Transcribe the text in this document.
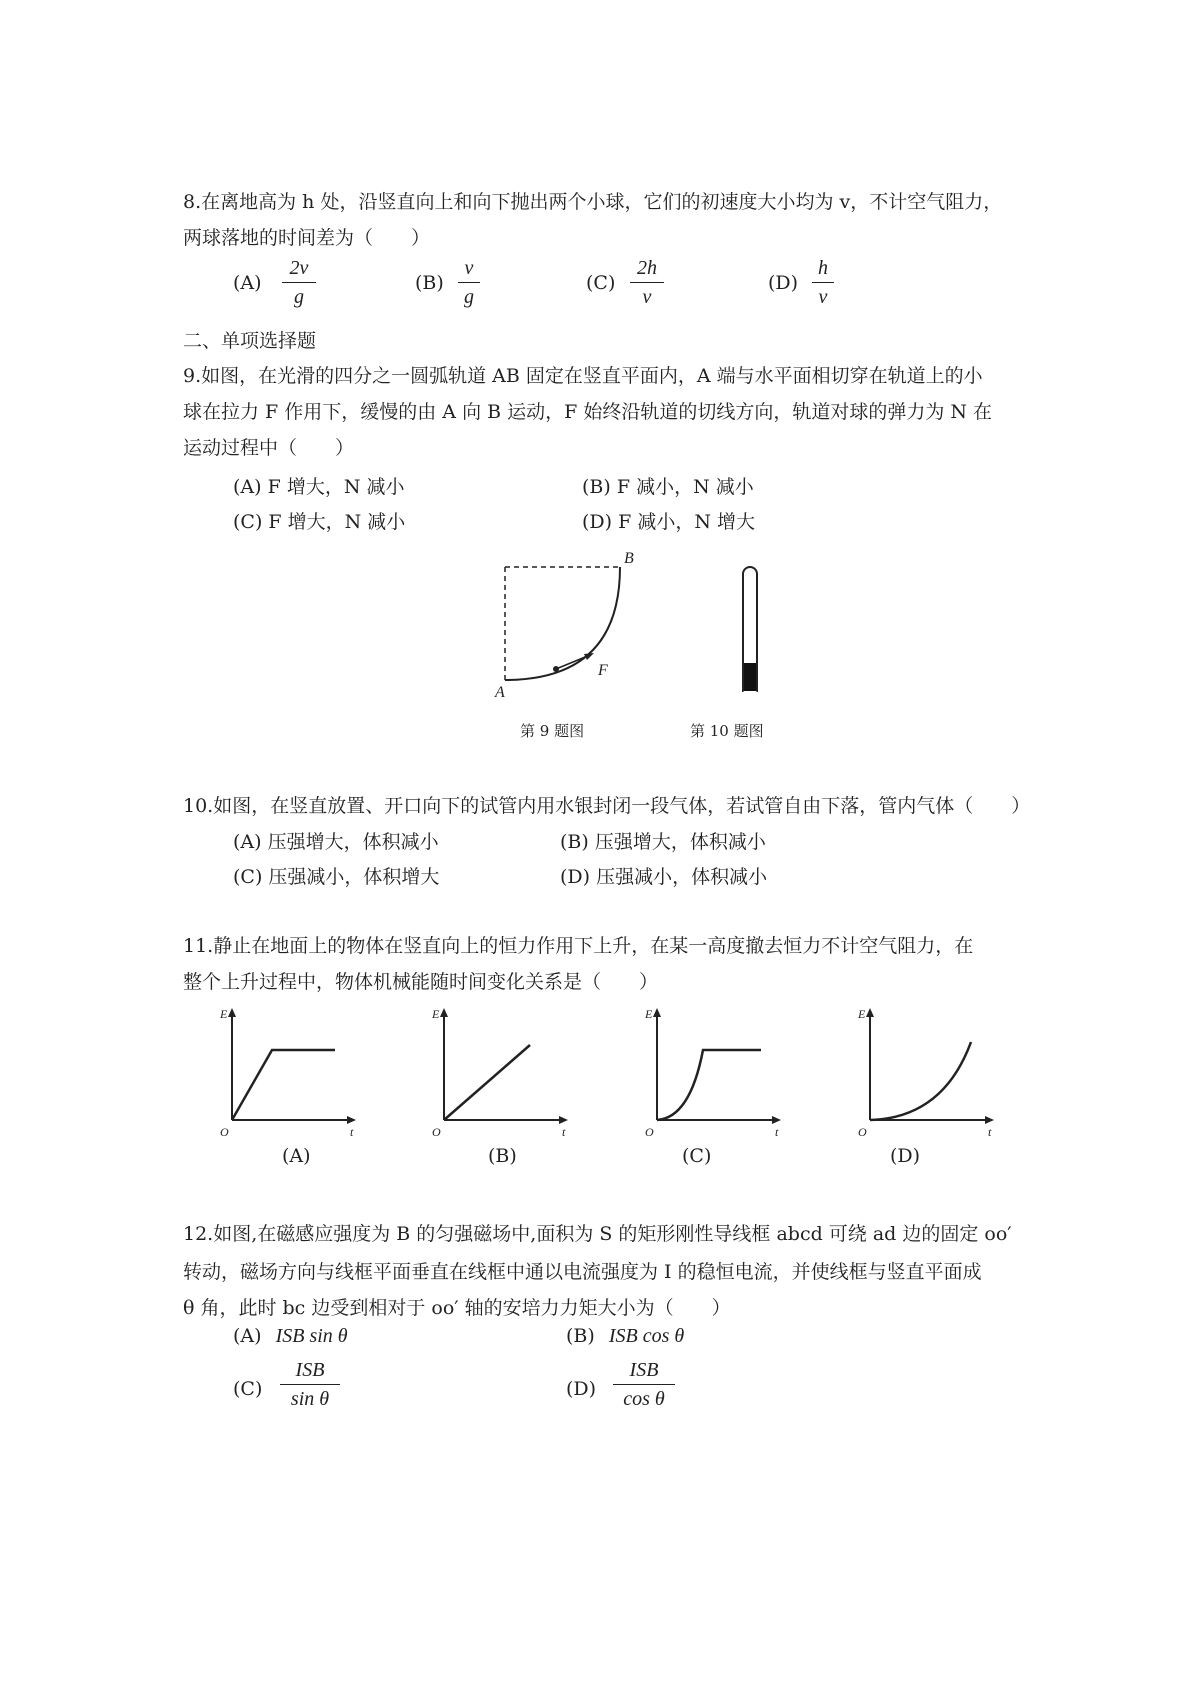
8.在离地高为 h 处，沿竖直向上和向下抛出两个小球，它们的初速度大小均为 v，不计空气阻力，
两球落地的时间差为（　　）
(A)
2v
g
(B)
v
g
(C)
2h
v
(D)
h
v
二、单项选择题
9.如图，在光滑的四分之一圆弧轨道 AB 固定在竖直平面内，A 端与水平面相切穿在轨道上的小
球在拉力 F 作用下，缓慢的由 A 向 B 运动，F 始终沿轨道的切线方向，轨道对球的弹力为 N 在
运动过程中（　　）
(A) F 增大，N 减小	(B) F 减小，N 减小
(C) F 增大，N 减小	(D) F 减小，N 增大
F
A
B
第 9 题图	第 10 题图
10.如图，在竖直放置、开口向下的试管内用水银封闭一段气体，若试管自由下落，管内气体（　　）
(A) 压强增大，体积减小	(B) 压强增大，体积减小
(C) 压强减小，体积增大	(D) 压强减小，体积减小
11.静止在地面上的物体在竖直向上的恒力作用下上升，在某一高度撤去恒力不计空气阻力，在
整个上升过程中，物体机械能随时间变化关系是（　　）
E
O	t
(A)
E
O	t
(B)
E
O	t
(C)
E
O	t
(D)
12.如图,在磁感应强度为 B 的匀强磁场中,面积为 S 的矩形刚性导线框 abcd 可绕 ad 边的固定 oo′
转动，磁场方向与线框平面垂直在线框中通以电流强度为 I 的稳恒电流，并使线框与竖直平面成
θ 角，此时 bc 边受到相对于 oo′ 轴的安培力力矩大小为（　　）
(A) ISB sin θ	(B) ISB cos θ
(C)
ISB
sin θ	(D)
ISB
cos θ
